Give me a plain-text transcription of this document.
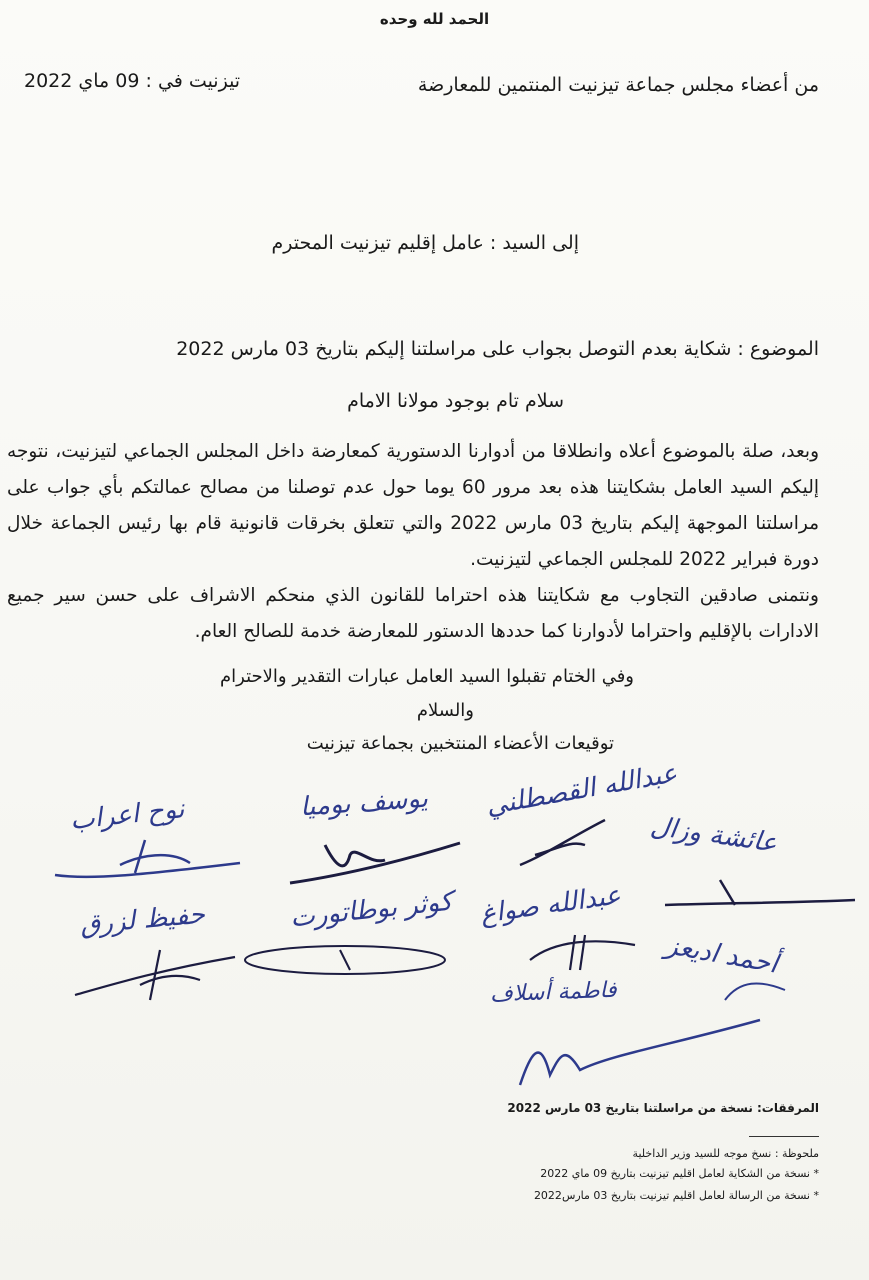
الحمد لله وحده
من أعضاء مجلس جماعة تيزنيت المنتمين للمعارضة
تيزنيت في : 09 ماي 2022
إلى السيد : عامل إقليم تيزنيت المحترم
الموضوع : شكاية بعدم التوصل بجواب على مراسلتنا إليكم بتاريخ 03 مارس 2022
سلام تام بوجود مولانا الامام
وبعد، صلة بالموضوع أعلاه وانطلاقا من أدوارنا الدستورية كمعارضة داخل المجلس الجماعي لتيزنيت، نتوجه إليكم السيد العامل بشكايتنا هذه بعد مرور 60 يوما حول عدم توصلنا من مصالح عمالتكم بأي جواب على مراسلتنا الموجهة إليكم بتاريخ 03 مارس 2022 والتي تتعلق بخرقات قانونية قام بها رئيس الجماعة خلال دورة فبراير 2022 للمجلس الجماعي لتيزنيت.
ونتمنى صادقين التجاوب مع شكايتنا هذه احتراما للقانون الذي منحكم الاشراف على حسن سير جميع الادارات بالإقليم واحتراما لأدوارنا كما حددها الدستور للمعارضة خدمة للصالح العام.
وفي الختام تقبلوا السيد العامل عبارات التقدير والاحترام
والسلام
توقيعات الأعضاء المنتخبين بجماعة تيزنيت
نوح اعراب	يوسف بوميا عبدالله القصطلني
عائشة وزال
حفيظ لزرق	كوثر بوطاتورت عبدالله صواغ
أحمد اديعز
فاطمة أسلاف
المرفقات: نسخة من مراسلتنا بتاريخ 03 مارس 2022
ملحوظة : نسخ موجه للسيد وزير الداخلية
* نسخة من الشكاية لعامل اقليم تيزنيت بتاريخ 09 ماي 2022
* نسخة من الرسالة لعامل اقليم تيزنيت بتاريخ 03 مارس2022
